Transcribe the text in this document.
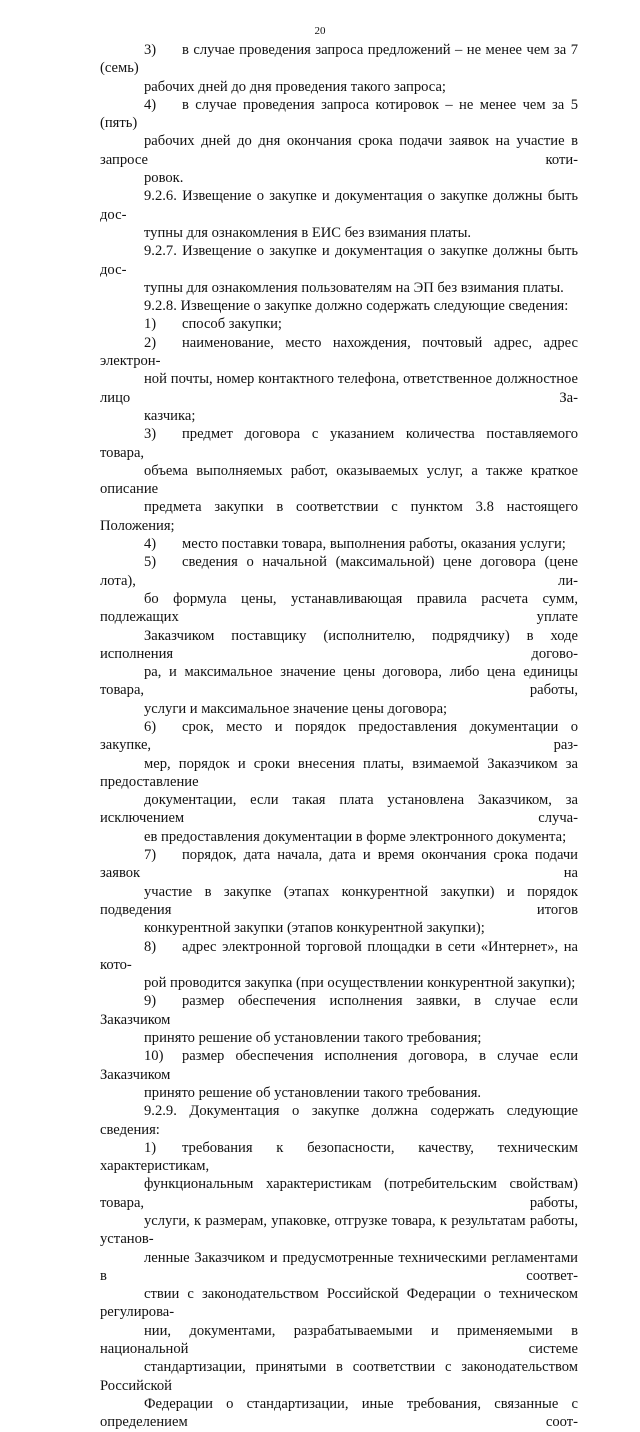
20
3) в случае проведения запроса предложений – не менее чем за 7 (семь)
рабочих дней до дня проведения такого запроса;
4) в случае проведения запроса котировок – не менее чем за 5 (пять)
рабочих дней до дня окончания срока подачи заявок на участие в запросе коти-
ровок.
9.2.6. Извещение о закупке и документация о закупке должны быть дос-
тупны для ознакомления в ЕИС без взимания платы.
9.2.7. Извещение о закупке и документация о закупке должны быть дос-
тупны для ознакомления пользователям на ЭП без взимания платы.
9.2.8. Извещение о закупке должно содержать следующие сведения:
1) способ закупки;
2) наименование, место нахождения, почтовый адрес, адрес электрон-
ной почты, номер контактного телефона, ответственное должностное лицо За-
казчика;
3) предмет договора с указанием количества поставляемого товара,
объема выполняемых работ, оказываемых услуг, а также краткое описание
предмета закупки в соответствии с пунктом 3.8 настоящего Положения;
4) место поставки товара, выполнения работы, оказания услуги;
5) сведения о начальной (максимальной) цене договора (цене лота), ли-
бо формула цены, устанавливающая правила расчета сумм, подлежащих уплате
Заказчиком поставщику (исполнителю, подрядчику) в ходе исполнения догово-
ра, и максимальное значение цены договора, либо цена единицы товара, работы,
услуги и максимальное значение цены договора;
6) срок, место и порядок предоставления документации о закупке, раз-
мер, порядок и сроки внесения платы, взимаемой Заказчиком за предоставление
документации, если такая плата установлена Заказчиком, за исключением случа-
ев предоставления документации в форме электронного документа;
7) порядок, дата начала, дата и время окончания срока подачи заявок на
участие в закупке (этапах конкурентной закупки) и порядок подведения итогов
конкурентной закупки (этапов конкурентной закупки);
8) адрес электронной торговой площадки в сети «Интернет», на кото-
рой проводится закупка (при осуществлении конкурентной закупки);
9) размер обеспечения исполнения заявки, в случае если Заказчиком
принято решение об установлении такого требования;
10) размер обеспечения исполнения договора, в случае если Заказчиком
принято решение об установлении такого требования.
9.2.9. Документация о закупке должна содержать следующие сведения:
1) требования к безопасности, качеству, техническим характеристикам,
функциональным характеристикам (потребительским свойствам) товара, работы,
услуги, к размерам, упаковке, отгрузке товара, к результатам работы, установ-
ленные Заказчиком и предусмотренные техническими регламентами в соответ-
ствии с законодательством Российской Федерации о техническом регулирова-
нии, документами, разрабатываемыми и применяемыми в национальной системе
стандартизации, принятыми в соответствии с законодательством Российской
Федерации о стандартизации, иные требования, связанные с определением соот-
